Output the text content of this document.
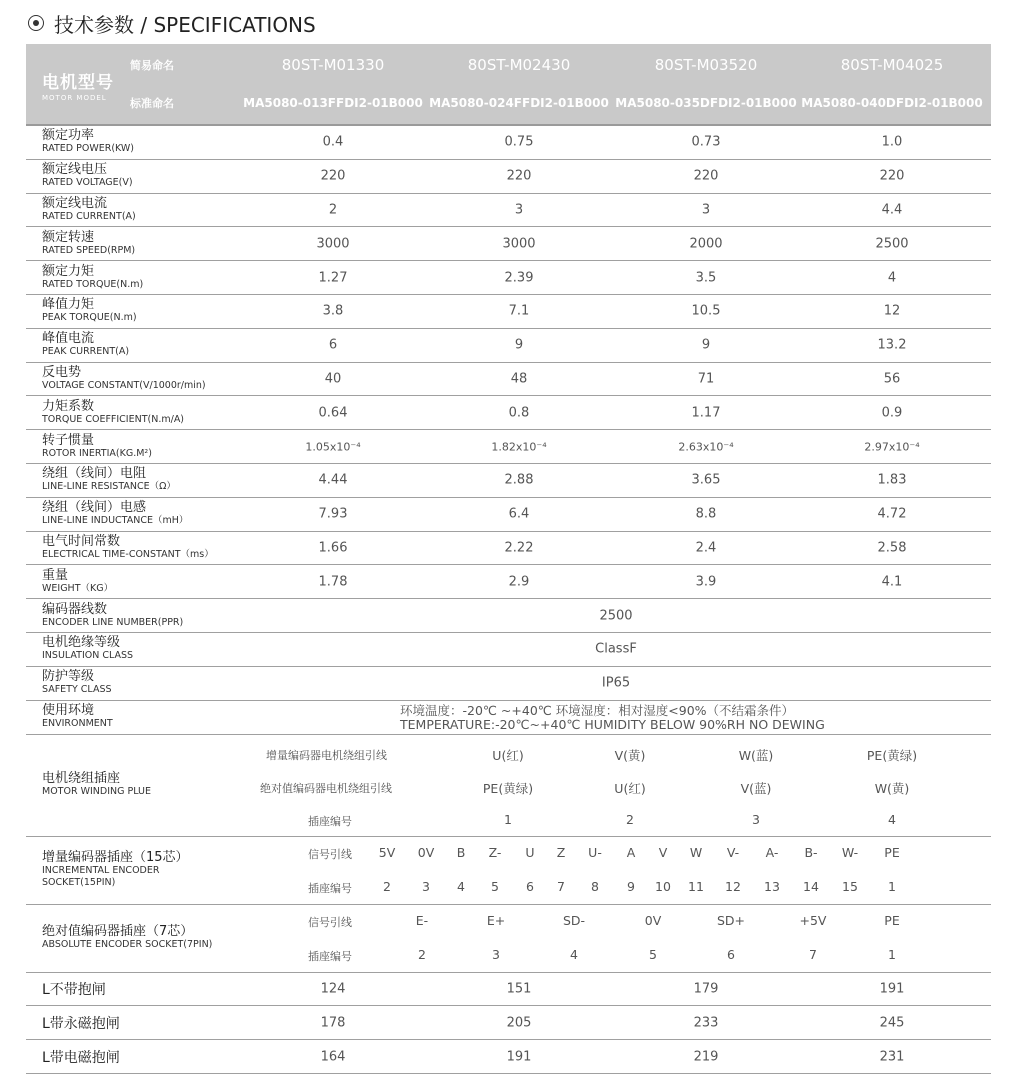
技术参数 / SPECIFICATIONS
电机型号
MOTOR MODEL
简易命名
标准命名
80ST-M01330	80ST-M02430	80ST-M03520	80ST-M04025
MA5080-013FFDI2-01B000 MA5080-024FFDI2-01B000 MA5080-035DFDI2-01B000 MA5080-040DFDI2-01B000
额定功率
RATED POWER(KW)	0.4	0.75	0.73	1.0
额定线电压
RATED VOLTAGE(V)	220	220	220	220
额定线电流
RATED CURRENT(A)	2	3	3	4.4
额定转速
RATED SPEED(RPM)	3000	3000	2000	2500
额定力矩
RATED TORQUE(N.m)	1.27	2.39	3.5	4
峰值力矩
PEAK TORQUE(N.m)	3.8	7.1	10.5	12
峰值电流
PEAK CURRENT(A)	6	9	9	13.2
反电势
VOLTAGE CONSTANT(V/1000r/min)	40	48	71	56
力矩系数
TORQUE COEFFICIENT(N.m/A)	0.64	0.8	1.17	0.9
转子惯量
ROTOR INERTIA(KG.M²)	1.05x10⁻⁴	1.82x10⁻⁴	2.63x10⁻⁴	2.97x10⁻⁴
绕组（线间）电阻
LINE-LINE RESISTANCE（Ω）	4.44	2.88	3.65	1.83
绕组（线间）电感
LINE-LINE INDUCTANCE（mH）	7.93	6.4	8.8	4.72
电气时间常数
ELECTRICAL TIME-CONSTANT（ms）	1.66	2.22	2.4	2.58
重量
WEIGHT（KG）	1.78	2.9	3.9	4.1
编码器线数
ENCODER LINE NUMBER(PPR)	2500
电机绝缘等级
INSULATION CLASS	ClassF
防护等级
SAFETY CLASS	IP65
使用环境
ENVIRONMENT
环境温度：-20℃ ~+40℃ 环境湿度：相对湿度<90%（不结霜条件）
TEMPERATURE:-20℃~+40℃ HUMIDITY BELOW 90%RH NO DEWING
电机绕组插座
MOTOR WINDING PLUE
增量编码器电机绕组引线	U(红)	V(黄)	W(蓝)	PE(黄绿)
绝对值编码器电机绕组引线	PE(黄绿)	U(红)	V(蓝)	W(黄)
插座编号	1	2	3	4
增量编码器插座（15芯）
INCREMENTAL ENCODER
SOCKET(15PIN)
信号引线 5V 0V B Z- U Z U- A V W V- A- B- W- PE
插座编号 2 3 4 5 6 7 8 9 10 11 12 13 14 15 1
绝对值编码器插座（7芯）
ABSOLUTE ENCODER SOCKET(7PIN)
信号引线	E-	E+	SD-	0V	SD+	+5V	PE
插座编号	2	3	4	5	6	7	1
L不带抱闸	124	151	179	191
L带永磁抱闸	178	205	233	245
L带电磁抱闸	164	191	219	231
